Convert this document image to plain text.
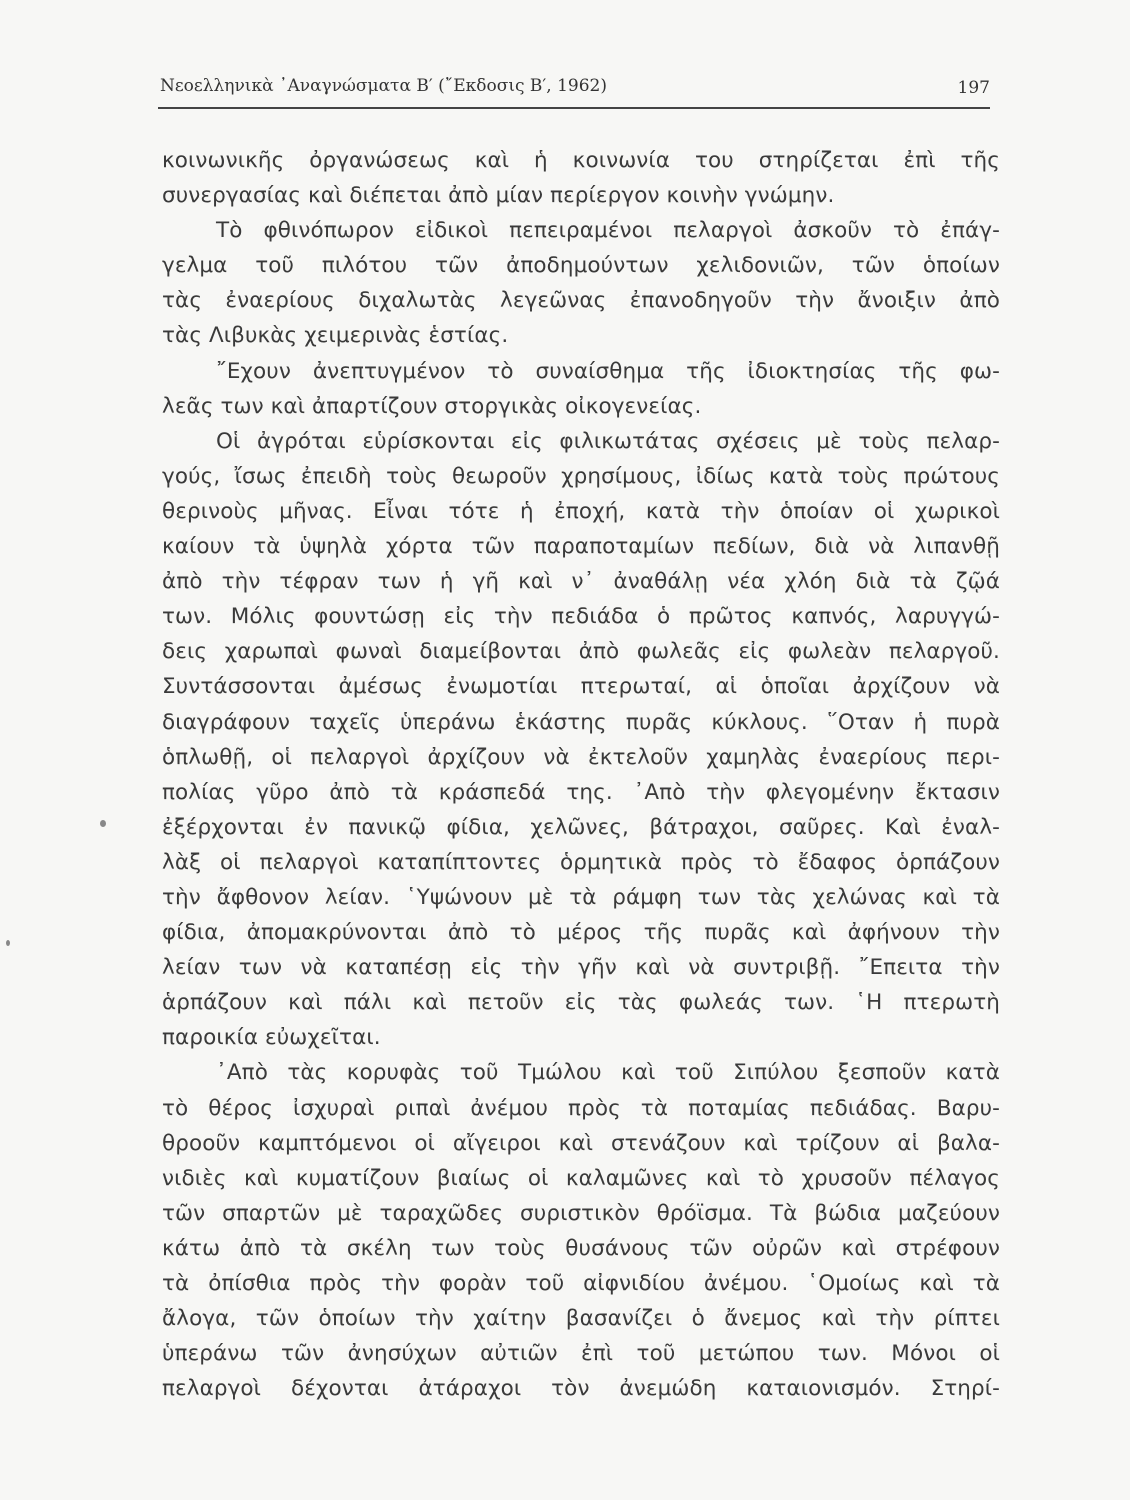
Νεοελληνικὰ ᾿Αναγνώσματα Β′ (῎Εκδοσις Β′, 1962)	197
κοινωνικῆς ὀργανώσεως καὶ ἡ κοινωνία του στηρίζεται ἐπὶ τῆς
συνεργασίας καὶ διέπεται ἀπὸ μίαν περίεργον κοινὴν γνώμην.
Τὸ φθινόπωρον εἰδικοὶ πεπειραμένοι πελαργοὶ ἀσκοῦν τὸ ἐπάγ-
γελμα τοῦ πιλότου τῶν ἀποδημούντων χελιδονιῶν, τῶν ὁποίων
τὰς ἐναερίους διχαλωτὰς λεγεῶνας ἐπανοδηγοῦν τὴν ἄνοιξιν ἀπὸ
τὰς Λιβυκὰς χειμερινὰς ἑστίας.
῎Εχουν ἀνεπτυγμένον τὸ συναίσθημα τῆς ἰδιοκτησίας τῆς φω-
λεᾶς των καὶ ἀπαρτίζουν στοργικὰς οἰκογενείας.
Οἱ ἀγρόται εὑρίσκονται εἰς φιλικωτάτας σχέσεις μὲ τοὺς πελαρ-
γούς, ἴσως ἐπειδὴ τοὺς θεωροῦν χρησίμους, ἰδίως κατὰ τοὺς πρώτους
θερινοὺς μῆνας. Εἶναι τότε ἡ ἐποχή, κατὰ τὴν ὁποίαν οἱ χωρικοὶ
καίουν τὰ ὑψηλὰ χόρτα τῶν παραποταμίων πεδίων, διὰ νὰ λιπανθῇ
ἀπὸ τὴν τέφραν των ἡ γῆ καὶ ν᾿ ἀναθάλῃ νέα χλόη διὰ τὰ ζῷά
των. Μόλις φουντώσῃ εἰς τὴν πεδιάδα ὁ πρῶτος καπνός, λαρυγγώ-
δεις χαρωπαὶ φωναὶ διαμείβονται ἀπὸ φωλεᾶς εἰς φωλεὰν πελαργοῦ.
Συντάσσονται ἀμέσως ἐνωμοτίαι πτερωταί, αἱ ὁποῖαι ἀρχίζουν νὰ
διαγράφουν ταχεῖς ὑπεράνω ἑκάστης πυρᾶς κύκλους. ῞Οταν ἡ πυρὰ
ὁπλωθῇ, οἱ πελαργοὶ ἀρχίζουν νὰ ἐκτελοῦν χαμηλὰς ἐναερίους περι-
πολίας γῦρο ἀπὸ τὰ κράσπεδά της. ᾿Απὸ τὴν φλεγομένην ἔκτασιν
ἐξέρχονται ἐν πανικῷ φίδια, χελῶνες, βάτραχοι, σαῦρες. Καὶ ἐναλ-
λὰξ οἱ πελαργοὶ καταπίπτοντες ὁρμητικὰ πρὸς τὸ ἔδαφος ὁρπάζουν
τὴν ἄφθονον λείαν. ῾Υψώνουν μὲ τὰ ράμφη των τὰς χελώνας καὶ τὰ
φίδια, ἀπομακρύνονται ἀπὸ τὸ μέρος τῆς πυρᾶς καὶ ἀφήνουν τὴν
λείαν των νὰ καταπέσῃ εἰς τὴν γῆν καὶ νὰ συντριβῇ. ῎Επειτα τὴν
ἁρπάζουν καὶ πάλι καὶ πετοῦν εἰς τὰς φωλεάς των. ῾Η πτερωτὴ
παροικία εὐωχεῖται.
᾿Απὸ τὰς κορυφὰς τοῦ Τμώλου καὶ τοῦ Σιπύλου ξεσποῦν κατὰ
τὸ θέρος ἰσχυραὶ ριπαὶ ἀνέμου πρὸς τὰ ποταμίας πεδιάδας. Βαρυ-
θροοῦν καμπτόμενοι οἱ αἴγειροι καὶ στενάζουν καὶ τρίζουν αἱ βαλα-
νιδιὲς καὶ κυματίζουν βιαίως οἱ καλαμῶνες καὶ τὸ χρυσοῦν πέλαγος
τῶν σπαρτῶν μὲ ταραχῶδες συριστικὸν θρόϊσμα. Τὰ βώδια μαζεύουν
κάτω ἀπὸ τὰ σκέλη των τοὺς θυσάνους τῶν οὐρῶν καὶ στρέφουν
τὰ ὀπίσθια πρὸς τὴν φορὰν τοῦ αἰφνιδίου ἀνέμου. ῾Ομοίως καὶ τὰ
ἄλογα, τῶν ὁποίων τὴν χαίτην βασανίζει ὁ ἄνεμος καὶ τὴν ρίπτει
ὑπεράνω τῶν ἀνησύχων αὐτιῶν ἐπὶ τοῦ μετώπου των. Μόνοι οἱ
πελαργοὶ δέχονται ἀτάραχοι τὸν ἀνεμώδη καταιονισμόν. Στηρί-
